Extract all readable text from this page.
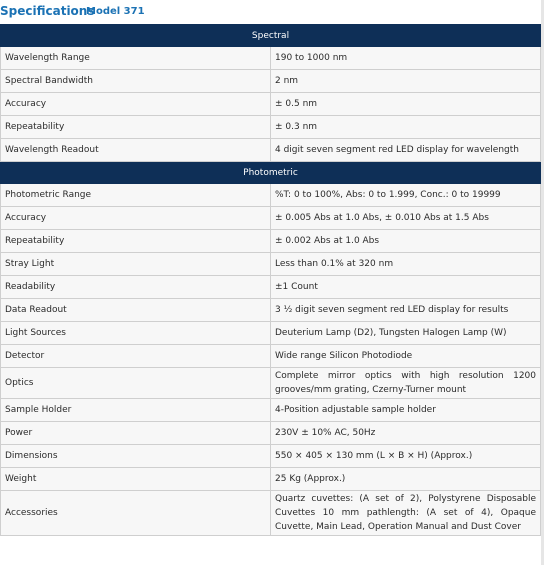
Specifications
Model 371
Spectral	
Wavelength Range	190 to 1000 nm
Spectral Bandwidth	2 nm
Accuracy	± 0.5 nm
Repeatability	± 0.3 nm
Wavelength Readout	4 digit seven segment red LED display for wavelength
Photometric	
Photometric Range	%T: 0 to 100%, Abs: 0 to 1.999, Conc.: 0 to 19999
Accuracy	± 0.005 Abs at 1.0 Abs, ± 0.010 Abs at 1.5 Abs
Repeatability	± 0.002 Abs at 1.0 Abs
Stray Light	Less than 0.1% at 320 nm
Readability	±1 Count
Data Readout	3 ½ digit seven segment red LED display for results
Light Sources	Deuterium Lamp (D2), Tungsten Halogen Lamp (W)
Detector	Wide range Silicon Photodiode
Optics	Complete mirror optics with high resolution 1200 grooves/mm grating, Czerny-Turner mount
Sample Holder	4-Position adjustable sample holder
Power	230V ± 10% AC, 50Hz
Dimensions	550 × 405 × 130 mm (L × B × H) (Approx.)
Weight	25 Kg (Approx.)
Accessories	Quartz cuvettes: (A set of 2), Polystyrene Disposable Cuvettes 10 mm pathlength: (A set of 4), Opaque Cuvette, Main Lead, Operation Manual and Dust Cover
